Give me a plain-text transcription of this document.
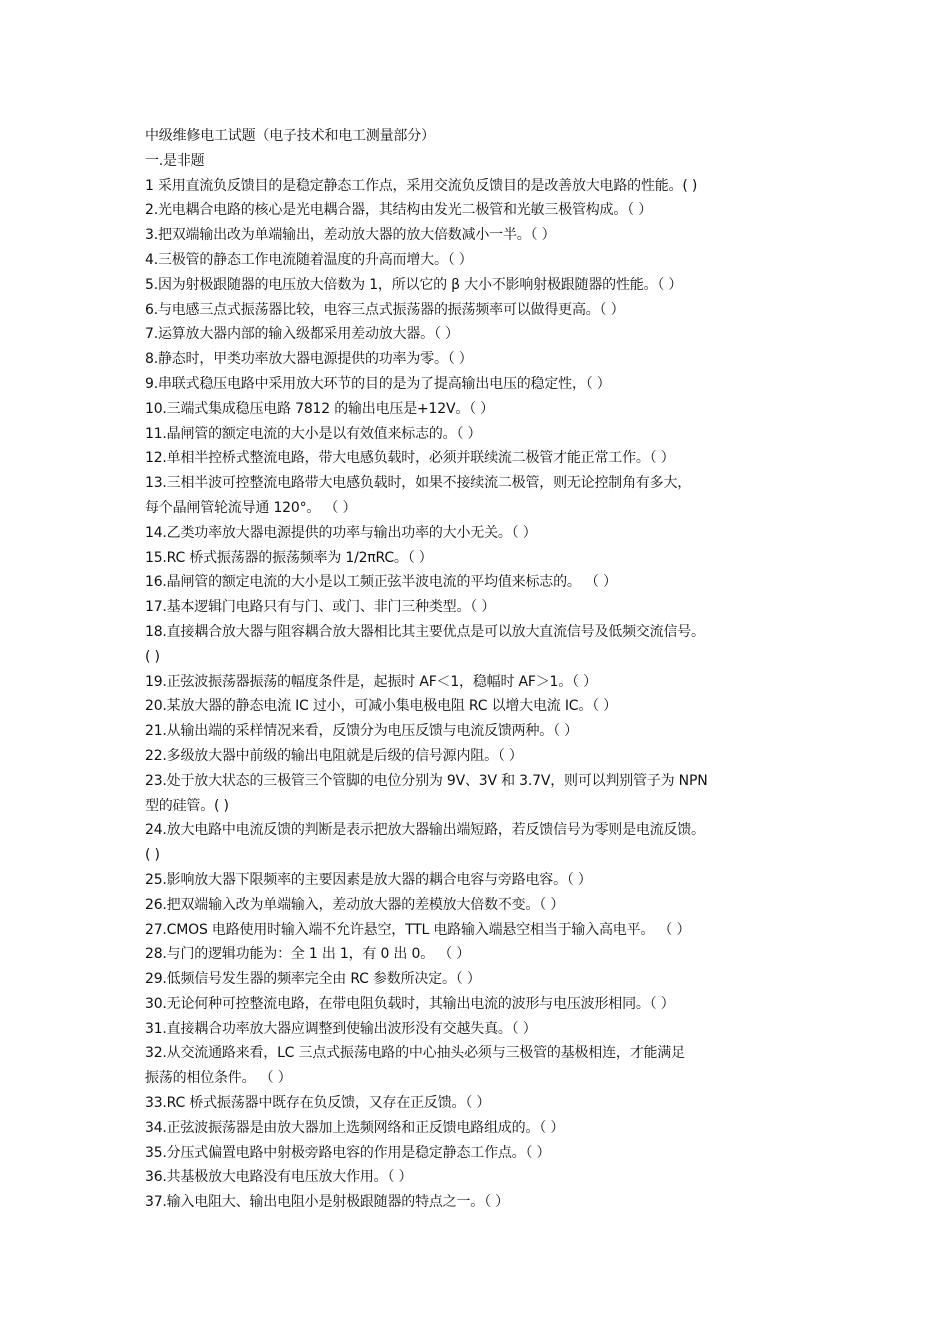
中级维修电工试题（电子技术和电工测量部分）
一.是非题
1 采用直流负反馈目的是稳定静态工作点，采用交流负反馈目的是改善放大电路的性能。( )
2.光电耦合电路的核心是光电耦合器，其结构由发光二极管和光敏三极管构成。（ ）
3.把双端输出改为单端输出，差动放大器的放大倍数减小一半。（ ）
4.三极管的静态工作电流随着温度的升高而增大。（ ）
5.因为射极跟随器的电压放大倍数为 1，所以它的 β 大小不影响射极跟随器的性能。（ ）
6.与电感三点式振荡器比较，电容三点式振荡器的振荡频率可以做得更高。（ ）
7.运算放大器内部的输入级都采用差动放大器。（ ）
8.静态时，甲类功率放大器电源提供的功率为零。（ ）
9.串联式稳压电路中采用放大环节的目的是为了提高输出电压的稳定性，（ ）
10.三端式集成稳压电路 7812 的输出电压是+12V。（ ）
11.晶闸管的额定电流的大小是以有效值来标志的。（ ）
12.单相半控桥式整流电路，带大电感负载时，必须并联续流二极管才能正常工作。（ ）
13.三相半波可控整流电路带大电感负载时，如果不接续流二极管，则无论控制角有多大，
每个晶闸管轮流导通 120°。 （ ）
14.乙类功率放大器电源提供的功率与输出功率的大小无关。（ ）
15.RC 桥式振荡器的振荡频率为 1/2πRC。（ ）
16.晶闸管的额定电流的大小是以工频正弦半波电流的平均值来标志的。 （ ）
17.基本逻辑门电路只有与门、或门、非门三种类型。（ ）
18.直接耦合放大器与阻容耦合放大器相比其主要优点是可以放大直流信号及低频交流信号。
( )
19.正弦波振荡器振荡的幅度条件是，起振时 AF＜1，稳幅时 AF＞1。（ ）
20.某放大器的静态电流 IC 过小，可减小集电极电阻 RC 以增大电流 IC。（ ）
21.从输出端的采样情况来看，反馈分为电压反馈与电流反馈两种。（ ）
22.多级放大器中前级的输出电阻就是后级的信号源内阻。（ ）
23.处于放大状态的三极管三个管脚的电位分别为 9V、3V 和 3.7V，则可以判别管子为 NPN
型的硅管。( )
24.放大电路中电流反馈的判断是表示把放大器输出端短路，若反馈信号为零则是电流反馈。
( )
25.影响放大器下限频率的主要因素是放大器的耦合电容与旁路电容。（ ）
26.把双端输入改为单端输入，差动放大器的差模放大倍数不变。（ ）
27.CMOS 电路使用时输入端不允许悬空，TTL 电路输入端悬空相当于输入高电平。 （ ）
28.与门的逻辑功能为：全 1 出 1，有 0 出 0。 （ ）
29.低频信号发生器的频率完全由 RC 参数所决定。（ ）
30.无论何种可控整流电路，在带电阻负载时，其输出电流的波形与电压波形相同。（ ）
31.直接耦合功率放大器应调整到使输出波形没有交越失真。（ ）
32.从交流通路来看，LC 三点式振荡电路的中心抽头必须与三极管的基极相连，才能满足
振荡的相位条件。 （ ）
33.RC 桥式振荡器中既存在负反馈，又存在正反馈。（ ）
34.正弦波振荡器是由放大器加上选频网络和正反馈电路组成的。（ ）
35.分压式偏置电路中射极旁路电容的作用是稳定静态工作点。（ ）
36.共基极放大电路没有电压放大作用。（ ）
37.输入电阻大、输出电阻小是射极跟随器的特点之一。（ ）
